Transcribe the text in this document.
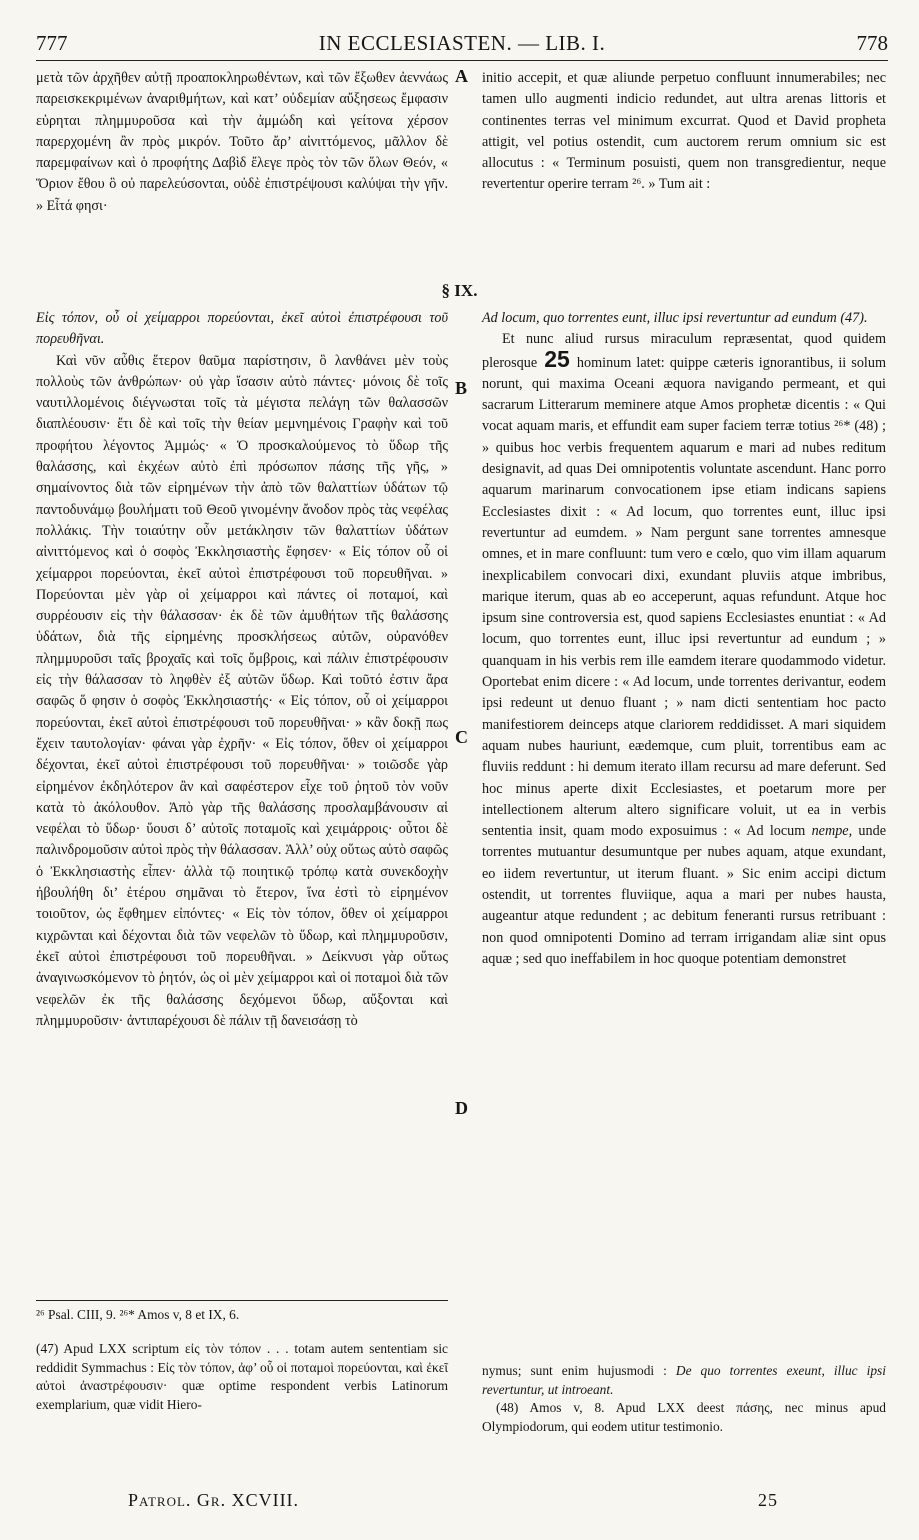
777	IN ECCLESIASTEN. — LIB. I.	778
A
B
C
D
§ IX.

μετὰ τῶν ἀρχῆθεν αὐτῇ προαποκληρωθέντων, καὶ τῶν ἔξωθεν ἀεννάως παρεισκεκριμένων ἀναριθμήτων, καὶ κατ’ οὐδεμίαν αὔξησεως ἔμφασιν εὑρηται πλημμυροῦσα καὶ τὴν ἀμμώδη καὶ γείτονα χέρσον παρερχομένη ἂν πρὸς μικρόν. Τοῦτο ἄρ’ αἰνιττόμενος, μᾶλλον δὲ παρεμφαίνων καὶ ὁ προφήτης Δαβὶδ ἔλεγε πρὸς τὸν τῶν ὅλων Θεόν, « Ὅριον ἔθου ὃ οὐ παρελεύσονται, οὐδὲ ἐπιστρέψουσι καλύψαι τὴν γῆν. » Εἶτά φησι·

Εἰς τόπον, οὗ οἱ χείμαρροι πορεύονται, ἐκεῖ αὐτοὶ ἐπιστρέφουσι τοῦ πορευθῆναι.

Καὶ νῦν αὖθις ἕτερον θαῦμα παρίστησιν, ὃ λανθάνει μὲν τοὺς πολλοὺς τῶν ἀνθρώπων· οὐ γὰρ ἴσασιν αὐτὸ πάντες· μόνοις δὲ τοῖς ναυτιλλομένοις διέγνωσται τοῖς τὰ μέγιστα πελάγη τῶν θαλασσῶν διαπλέουσιν· ἔτι δὲ καὶ τοῖς τὴν θείαν μεμνημένοις Γραφὴν καὶ τοῦ προφήτου λέγοντος Ἀμμώς· « Ὁ προσκαλούμενος τὸ ὕδωρ τῆς θαλάσσης, καὶ ἐκχέων αὐτὸ ἐπὶ πρόσωπον πάσης τῆς γῆς, » σημαίνοντος διὰ τῶν εἰρημένων τὴν ἀπὸ τῶν θαλαττίων ὑδάτων τῷ παντοδυνάμῳ βουλήματι τοῦ Θεοῦ γινομένην ἄνοδον πρὸς τὰς νεφέλας πολλάκις. Τὴν τοιαύτην οὖν μετάκλησιν τῶν θαλαττίων ὑδάτων αἰνιττόμενος καὶ ὁ σοφὸς Ἐκκλησιαστὴς ἔφησεν· « Εἰς τόπον οὗ οἱ χείμαρροι πορεύονται, ἐκεῖ αὐτοὶ ἐπιστρέφουσι τοῦ πορευθῆναι. » Πορεύονται μὲν γὰρ οἱ χείμαρροι καὶ πάντες οἱ ποταμοί, καὶ συρρέουσιν εἰς τὴν θάλασσαν· ἐκ δὲ τῶν ἀμυθήτων τῆς θαλάσσης ὑδάτων, διὰ τῆς εἰρημένης προσκλήσεως αὐτῶν, οὐρανόθεν πλημμυροῦσι ταῖς βροχαῖς καὶ τοῖς ὄμβροις, καὶ πάλιν ἐπιστρέφουσιν εἰς τὴν θάλασσαν τὸ ληφθὲν ἐξ αὐτῶν ὕδωρ. Καὶ τοῦτό ἐστιν ἄρα σαφῶς ὅ φησιν ὁ σοφὸς Ἐκκλησιαστής· « Εἰς τόπον, οὗ οἱ χείμαρροι πορεύονται, ἐκεῖ αὐτοὶ ἐπιστρέφουσι τοῦ πορευθῆναι· » κἂν δοκῇ πως ἔχειν ταυτολογίαν· φάναι γὰρ ἐχρῆν· « Εἰς τόπον, ὅθεν οἱ χείμαρροι δέχονται, ἐκεῖ αὐτοὶ ἐπιστρέφουσι τοῦ πορευθῆναι· » τοιῶσδε γὰρ εἰρημένον ἐκδηλότερον ἂν καὶ σαφέστερον εἶχε τοῦ ῥητοῦ τὸν νοῦν κατὰ τὸ ἀκόλουθον. Ἀπὸ γὰρ τῆς θαλάσσης προσλαμβάνουσιν αἱ νεφέλαι τὸ ὕδωρ· ὕουσι δ’ αὐτοῖς ποταμοῖς καὶ χειμάρροις· οὗτοι δὲ παλινδρομοῦσιν αὐτοὶ πρὸς τὴν θάλασσαν. Ἀλλ’ οὐχ οὕτως αὐτὸ σαφῶς ὁ Ἐκκλησιαστὴς εἶπεν· ἀλλὰ τῷ ποιητικῷ τρόπῳ κατὰ συνεκδοχὴν ἠβουλήθη δι’ ἑτέρου σημᾶναι τὸ ἕτερον, ἵνα ἐστὶ τὸ εἰρημένον τοιοῦτον, ὡς ἔφθημεν εἰπόντες· « Εἰς τὸν τόπον, ὅθεν οἱ χείμαρροι κιχρῶνται καὶ δέχονται διὰ τῶν νεφελῶν τὸ ὕδωρ, καὶ πλημμυροῦσιν, ἐκεῖ αὐτοὶ ἐπιστρέφουσι τοῦ πορευθῆναι. » Δείκνυσι γὰρ οὕτως ἀναγινωσκόμενον τὸ ῥητόν, ὡς οἱ μὲν χείμαρροι καὶ οἱ ποταμοὶ διὰ τῶν νεφελῶν ἐκ τῆς θαλάσσης δεχόμενοι ὕδωρ, αὔξονται καὶ πλημμυροῦσιν· ἀντιπαρέχουσι δὲ πάλιν τῇ δανεισάσῃ τὸ

initio accepit, et quæ aliunde perpetuo confluunt innumerabiles; nec tamen ullo augmenti indicio redundet, aut ultra arenas littoris et continentes terras vel minimum excurrat. Quod et David propheta attigit, vel potius ostendit, cum auctorem rerum omnium sic est allocutus : « Terminum posuisti, quem non transgredientur, neque revertentur operire terram ²⁶. » Tum ait :

Ad locum, quo torrentes eunt, illuc ipsi revertuntur ad eundum (47).

Et nunc aliud rursus miraculum repræsentat, quod quidem plerosque 25 hominum latet: quippe cæteris ignorantibus, ii solum norunt, qui maxima Oceani æquora navigando permeant, et qui sacrarum Litterarum meminere atque Amos prophetæ dicentis : « Qui vocat aquam maris, et effundit eam super faciem terræ totius ²⁶* (48) ; » quibus hoc verbis frequentem aquarum e mari ad nubes reditum designavit, ad quas Dei omnipotentis voluntate ascendunt. Hanc porro aquarum marinarum convocationem ipse etiam indicans sapiens Ecclesiastes dixit : « Ad locum, quo torrentes eunt, illuc ipsi revertuntur ad eumdem. » Nam pergunt sane torrentes amnesque omnes, et in mare confluunt: tum vero e cœlo, quo vim illam aquarum inexplicabilem convocari dixi, exundant pluviis atque imbribus, marique iterum, quas ab eo acceperunt, aquas refundunt. Atque hoc ipsum sine controversia est, quod sapiens Ecclesiastes enuntiat : « Ad locum, quo torrentes eunt, illuc ipsi revertuntur ad eundum ; » quanquam in his verbis rem ille eamdem iterare quodammodo videtur. Oportebat enim dicere : « Ad locum, unde torrentes derivantur, eodem ipsi redeunt ut denuo fluant ; » nam dicti sententiam hoc pacto manifestiorem deinceps atque clariorem reddidisset. A mari siquidem aquam nubes hauriunt, eædemque, cum pluit, torrentibus eam ac fluviis reddunt : hi demum iterato illam recursu ad mare deferunt. Sed hoc minus aperte dixit Ecclesiastes, et poetarum more per intellectionem alterum altero significare voluit, ut ea in verbis sententia insit, quam modo exposuimus : « Ad locum nempe, unde torrentes mutuantur desumuntque per nubes aquam, atque exundant, eo iidem revertuntur, ut iterum fluant. » Sic enim accipi dictum ostendit, ut torrentes fluviique, aqua a mari per nubes hausta, augeantur atque redundent ; ac debitum feneranti rursus retribuant : non quod omnipotenti Domino ad terram irrigandam aliæ sint opus aquæ ; sed quo ineffabilem in hoc quoque potentiam demonstret

²⁶ Psal. CIII, 9. ²⁶* Amos v, 8 et IX, 6.
(47) Apud LXX scriptum εἰς τὸν τόπον . . . totam autem sententiam sic reddidit Symmachus : Εἰς τὸν τόπον, ἀφ’ οὗ οἱ ποταμοὶ πορεύονται, καὶ ἐκεῖ αὐτοὶ ἀναστρέφουσιν· quæ optime respondent verbis Latinorum exemplarium, quæ vidit Hiero-
nymus; sunt enim hujusmodi : De quo torrentes exeunt, illuc ipsi revertuntur, ut introeant.
(48) Amos v, 8. Apud LXX deest πάσης, nec minus apud Olympiodorum, qui eodem utitur testimonio.
Patrol. Gr. XCVIII.	25
